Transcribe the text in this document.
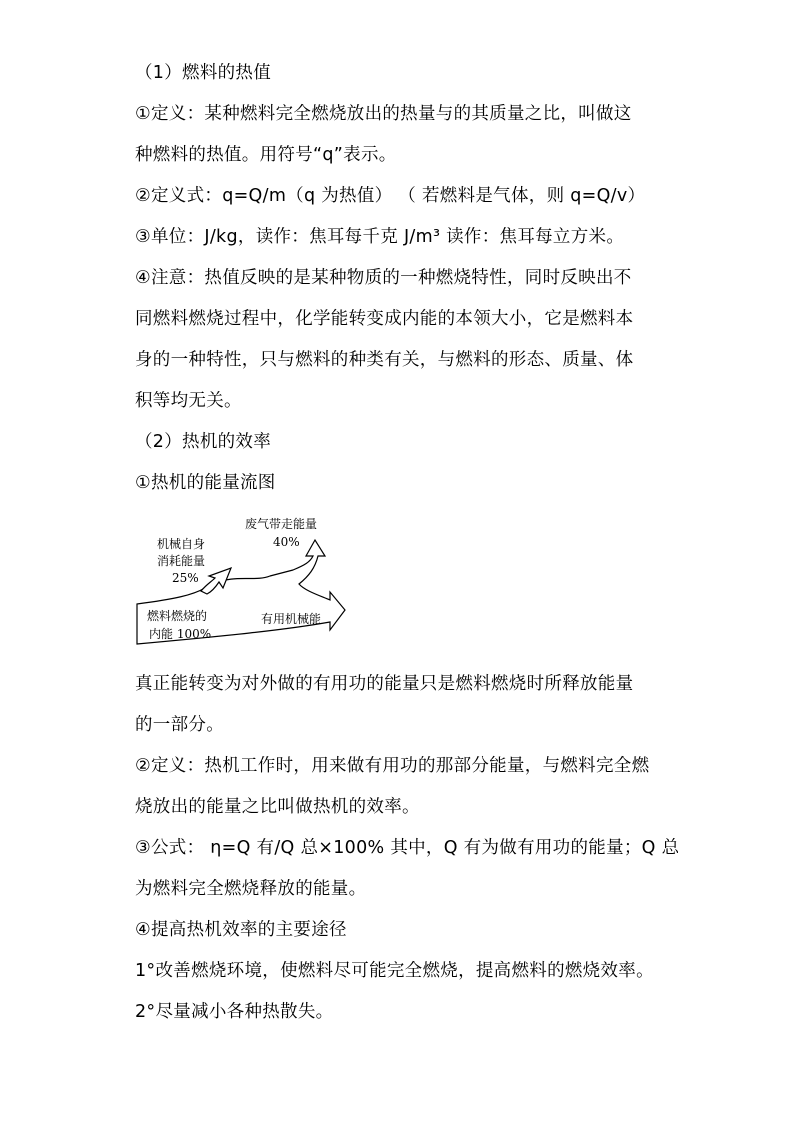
（1）燃料的热值
①定义：某种燃料完全燃烧放出的热量与的其质量之比，叫做这
种燃料的热值。用符号“q”表示。
②定义式：q=Q/m（q 为热值） （ 若燃料是气体，则 q=Q/v）
③单位：J/kg，读作：焦耳每千克 J/m³ 读作：焦耳每立方米。
④注意：热值反映的是某种物质的一种燃烧特性，同时反映出不
同燃料燃烧过程中，化学能转变成内能的本领大小，它是燃料本
身的一种特性，只与燃料的种类有关，与燃料的形态、质量、体
积等均无关。
（2）热机的效率
①热机的能量流图
废气带走能量
40%
机械自身
消耗能量
25%
燃料燃烧的
内能 100%
有用机械能
真正能转变为对外做的有用功的能量只是燃料燃烧时所释放能量
的一部分。
②定义：热机工作时，用来做有用功的那部分能量，与燃料完全燃
烧放出的能量之比叫做热机的效率。
③公式： η=Q 有/Q 总×100% 其中，Q 有为做有用功的能量；Q 总
为燃料完全燃烧释放的能量。
④提高热机效率的主要途径
1°改善燃烧环境，使燃料尽可能完全燃烧，提高燃料的燃烧效率。
2°尽量减小各种热散失。
